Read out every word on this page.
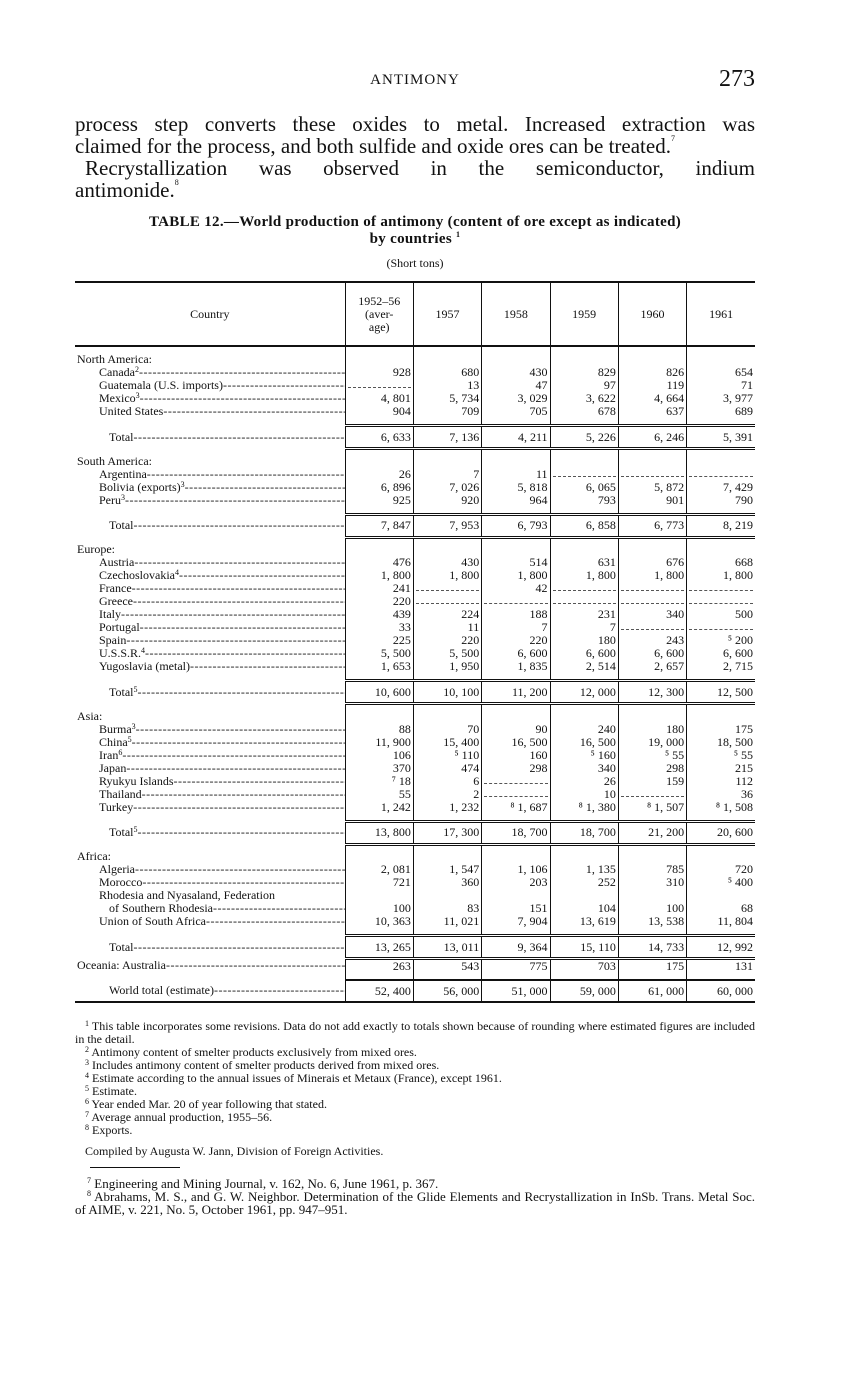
ANTIMONY	273

process step converts these oxides to metal. Increased extraction was

claimed for the process, and both sulfide and oxide ores can be treated.$^7$

Recrystallization was observed in the semiconductor, indium

antimonide.$^8$

TABLE 12.—World production of antimony (content of ore except as indicated)
by countries $^1$
(Short tons)
Country	1952–56
(aver-
age)	1957	1958	1959	1960	1961
North America:						
Canada$^2$ -----	928	680	430	829	826	654
Guatemala (U.S. imports) -----		13	47	97	119	71
Mexico$^3$ -----	4, 801	5, 734	3, 029	3, 622	4, 664	3, 977
United States -----	904	709	705	678	637	689

Total -----	6, 633	7, 136	4, 211	5, 226	6, 246	5, 391
South America:						
Argentina -----	26	7	11			
Bolivia (exports)$^3$ -----	6, 896	7, 026	5, 818	6, 065	5, 872	7, 429
Peru$^3$ -----	925	920	964	793	901	790

Total -----	7, 847	7, 953	6, 793	6, 858	6, 773	8, 219
Europe:						
Austria -----	476	430	514	631	676	668
Czechoslovakia$^4$ -----	1, 800	1, 800	1, 800	1, 800	1, 800	1, 800
France -----	241		42			
Greece -----	220					
Italy -----	439	224	188	231	340	500
Portugal -----	33	11	7	7		
Spain -----	225	220	220	180	243	⁵ 200
U.S.S.R.$^4$ -----	5, 500	5, 500	6, 600	6, 600	6, 600	6, 600
Yugoslavia (metal) -----	1, 653	1, 950	1, 835	2, 514	2, 657	2, 715

Total$^5$ -----	10, 600	10, 100	11, 200	12, 000	12, 300	12, 500
Asia:						
Burma$^3$ -----	88	70	90	240	180	175
China$^5$ -----	11, 900	15, 400	16, 500	16, 500	19, 000	18, 500
Iran$^6$ -----	106	⁵ 110	160	⁵ 160	⁵ 55	⁵ 55
Japan -----	370	474	298	340	298	215
Ryukyu Islands -----	⁷ 18	6		26	159	112
Thailand -----	55	2		10		36
Turkey -----	1, 242	1, 232	⁸ 1, 687	⁸ 1, 380	⁸ 1, 507	⁸ 1, 508

Total$^5$ -----	13, 800	17, 300	18, 700	18, 700	21, 200	20, 600
Africa:						
Algeria -----	2, 081	1, 547	1, 106	1, 135	785	720
Morocco -----	721	360	203	252	310	⁵ 400
Rhodesia and Nyasaland, Federation						
of Southern Rhodesia -----	100	83	151	104	100	68
Union of South Africa -----	10, 363	11, 021	7, 904	13, 619	13, 538	11, 804

Total -----	13, 265	13, 011	9, 364	15, 110	14, 733	12, 992
Oceania: Australia -----	263	543	775	703	175	131

World total (estimate) -----	52, 400	56, 000	51, 000	59, 000	61, 000	60, 000

$^1$ This table incorporates some revisions. Data do not add exactly to totals shown because of rounding where estimated figures are included in the detail.

$^2$ Antimony content of smelter products exclusively from mixed ores.

$^3$ Includes antimony content of smelter products derived from mixed ores.

$^4$ Estimate according to the annual issues of Minerais et Metaux (France), except 1961.

$^5$ Estimate.

$^6$ Year ended Mar. 20 of year following that stated.

$^7$ Average annual production, 1955–56.

$^8$ Exports.

Compiled by Augusta W. Jann, Division of Foreign Activities.

$^7$ Engineering and Mining Journal, v. 162, No. 6, June 1961, p. 367.

$^8$ Abrahams, M. S., and G. W. Neighbor. Determination of the Glide Elements and Recrystallization in InSb. Trans. Metal Soc. of AIME, v. 221, No. 5, October 1961, pp. 947–951.
